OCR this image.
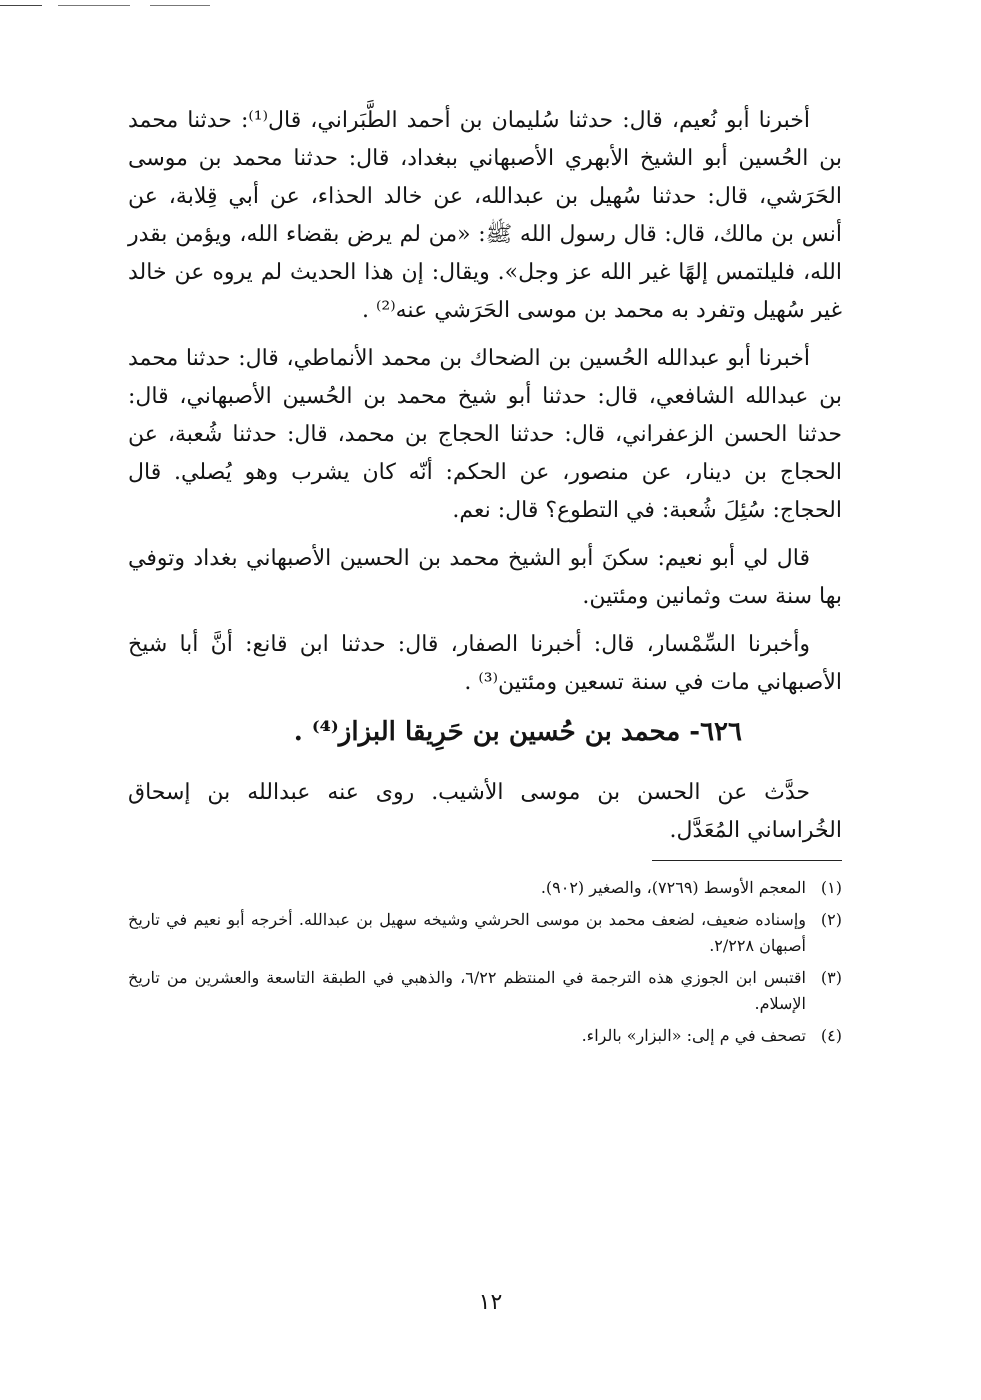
أخبرنا أبو نُعيم، قال: حدثنا سُليمان بن أحمد الطَّبَراني، قال⁽¹⁾: حدثنا محمد بن الحُسين أبو الشيخ الأبهري الأصبهاني ببغداد، قال: حدثنا محمد بن موسى الحَرَشي، قال: حدثنا سُهيل بن عبدالله، عن خالد الحذاء، عن أبي قِلابة، عن أنس بن مالك، قال: قال رسول الله ﷺ: «من لم يرض بقضاء الله، ويؤمن بقدر الله، فليلتمس إلهًا غير الله عز وجل». ويقال: إن هذا الحديث لم يروه عن خالد غير سُهيل وتفرد به محمد بن موسى الحَرَشي عنه⁽²⁾ .

أخبرنا أبو عبدالله الحُسين بن الضحاك بن محمد الأنماطي، قال: حدثنا محمد بن عبدالله الشافعي، قال: حدثنا أبو شيخ محمد بن الحُسين الأصبهاني، قال: حدثنا الحسن الزعفراني، قال: حدثنا الحجاج بن محمد، قال: حدثنا شُعبة، عن الحجاج بن دينار، عن منصور، عن الحكم: أنّه كان يشرب وهو يُصلي. قال الحجاج: سُئِلَ شُعبة: في التطوع؟ قال: نعم.

قال لي أبو نعيم: سكنَ أبو الشيخ محمد بن الحسين الأصبهاني بغداد وتوفي بها سنة ست وثمانين ومئتين.

وأخبرنا السِّمْسار، قال: أخبرنا الصفار، قال: حدثنا ابن قانع: أنَّ أبا شيخ الأصبهاني مات في سنة تسعين ومئتين⁽³⁾ .

٦٢٦- محمد بن حُسين بن حَرِيقا البزاز⁽⁴⁾ .

حدَّث عن الحسن بن موسى الأشيب. روى عنه عبدالله بن إسحاق الخُراساني المُعَدَّل.

(١)
المعجم الأوسط (٧٢٦٩)، والصغير (٩٠٢).
(٢)
وإسناده ضعيف، لضعف محمد بن موسى الحرشي وشيخه سهيل بن عبدالله. أخرجه أبو نعيم في تاريخ أصبهان ٢/٢٢٨.
(٣)
اقتبس ابن الجوزي هذه الترجمة في المنتظم ٦/٢٢، والذهبي في الطبقة التاسعة والعشرين من تاريخ الإسلام.
(٤)
تصحف في م إلى: «البزار» بالراء.
١٢
